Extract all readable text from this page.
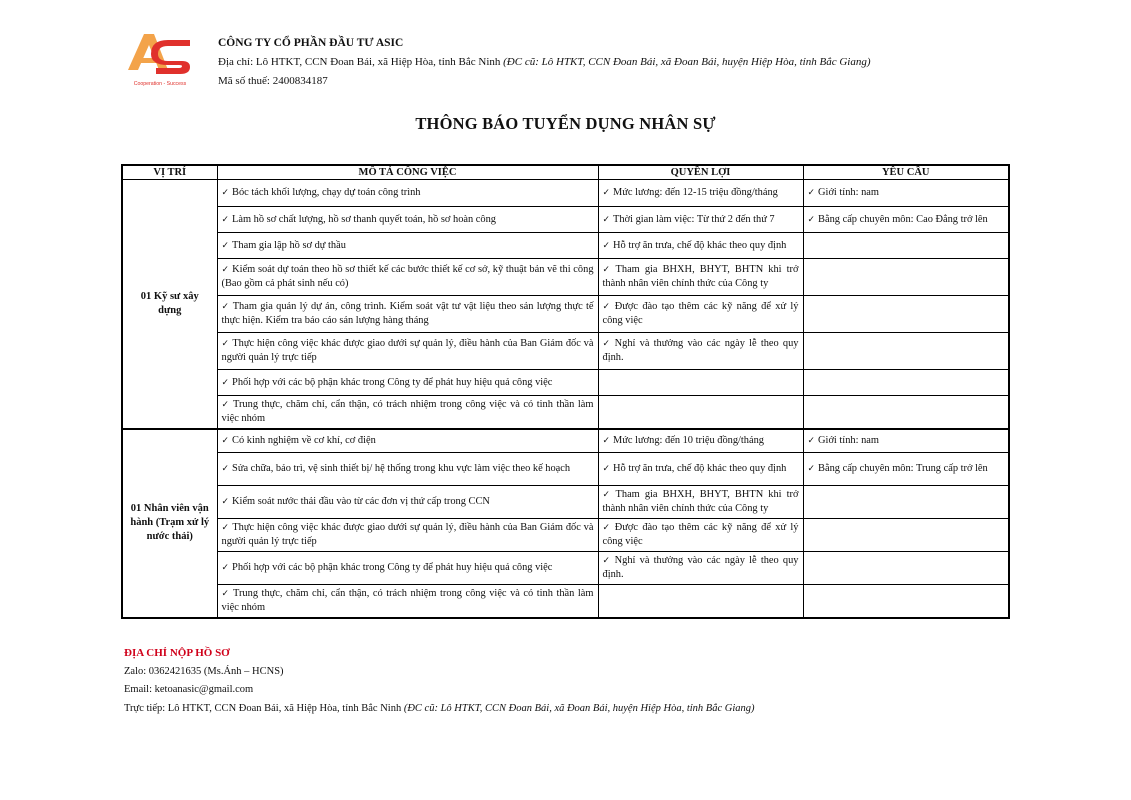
Cooperation - Success
CÔNG TY CỔ PHẦN ĐẦU TƯ ASIC
Địa chỉ: Lô HTKT, CCN Đoan Bái, xã Hiệp Hòa, tỉnh Bắc Ninh (ĐC cũ: Lô HTKT, CCN Đoan Bái, xã Đoan Bái, huyện Hiệp Hòa, tỉnh Bắc Giang)
Mã số thuế: 2400834187
THÔNG BÁO TUYỂN DỤNG NHÂN SỰ
VỊ TRÍ	MÔ TẢ CÔNG VIỆC	QUYỀN LỢI	YÊU CẦU
01 Kỹ sư xây dựng	✓ Bóc tách khối lượng, chạy dự toán công trình	✓ Mức lương: đến 12-15 triệu đồng/tháng	✓ Giới tính: nam
	✓ Làm hồ sơ chất lượng, hồ sơ thanh quyết toán, hồ sơ hoàn công	✓ Thời gian làm việc: Từ thứ 2 đến thứ 7	✓ Bằng cấp chuyên môn: Cao Đẳng trở lên
	✓ Tham gia lập hồ sơ dự thầu	✓ Hỗ trợ ăn trưa, chế độ khác theo quy định	
	✓ Kiểm soát dự toán theo hồ sơ thiết kế các bước thiết kế cơ sở, kỹ thuật bản vẽ thi công (Bao gồm cả phát sinh nếu có)	✓ Tham gia BHXH, BHYT, BHTN khi trở thành nhân viên chính thức của Công ty	
	✓ Tham gia quản lý dự án, công trình. Kiểm soát vật tư vật liệu theo sản lượng thực tế thực hiện. Kiểm tra báo cáo sản lượng hàng tháng	✓ Được đào tạo thêm các kỹ năng để xử lý công việc	
	✓ Thực hiện công việc khác được giao dưới sự quản lý, điều hành của Ban Giám đốc và người quản lý trực tiếp	✓ Nghỉ và thưởng vào các ngày lễ theo quy định.	
	✓ Phối hợp với các bộ phận khác trong Công ty để phát huy hiệu quả công việc		
	✓ Trung thực, chăm chỉ, cẩn thận, có trách nhiệm trong công việc và có tinh thần làm việc nhóm		
01 Nhân viên vận hành (Trạm xử lý nước thải)	✓ Có kinh nghiệm về cơ khí, cơ điện	✓ Mức lương: đến 10 triệu đồng/tháng	✓ Giới tính: nam
	✓ Sửa chữa, bảo trì, vệ sinh thiết bị/ hệ thống trong khu vực làm việc theo kế hoạch	✓ Hỗ trợ ăn trưa, chế độ khác theo quy định	✓ Bằng cấp chuyên môn: Trung cấp trở lên
	✓ Kiểm soát nước thải đầu vào từ các đơn vị thứ cấp trong CCN	✓ Tham gia BHXH, BHYT, BHTN khi trở thành nhân viên chính thức của Công ty	
	✓ Thực hiện công việc khác được giao dưới sự quản lý, điều hành của Ban Giám đốc và người quản lý trực tiếp	✓ Được đào tạo thêm các kỹ năng để xử lý công việc	
	✓ Phối hợp với các bộ phận khác trong Công ty để phát huy hiệu quả công việc	✓ Nghỉ và thưởng vào các ngày lễ theo quy định.	
	✓ Trung thực, chăm chỉ, cẩn thận, có trách nhiệm trong công việc và có tinh thần làm việc nhóm		
ĐỊA CHỈ NỘP HỒ SƠ
Zalo: 0362421635 (Ms.Ánh – HCNS)
Email: ketoanasic@gmail.com
Trực tiếp: Lô HTKT, CCN Đoan Bái, xã Hiệp Hòa, tỉnh Bắc Ninh (ĐC cũ: Lô HTKT, CCN Đoan Bái, xã Đoan Bái, huyện Hiệp Hòa, tỉnh Bắc Giang)
